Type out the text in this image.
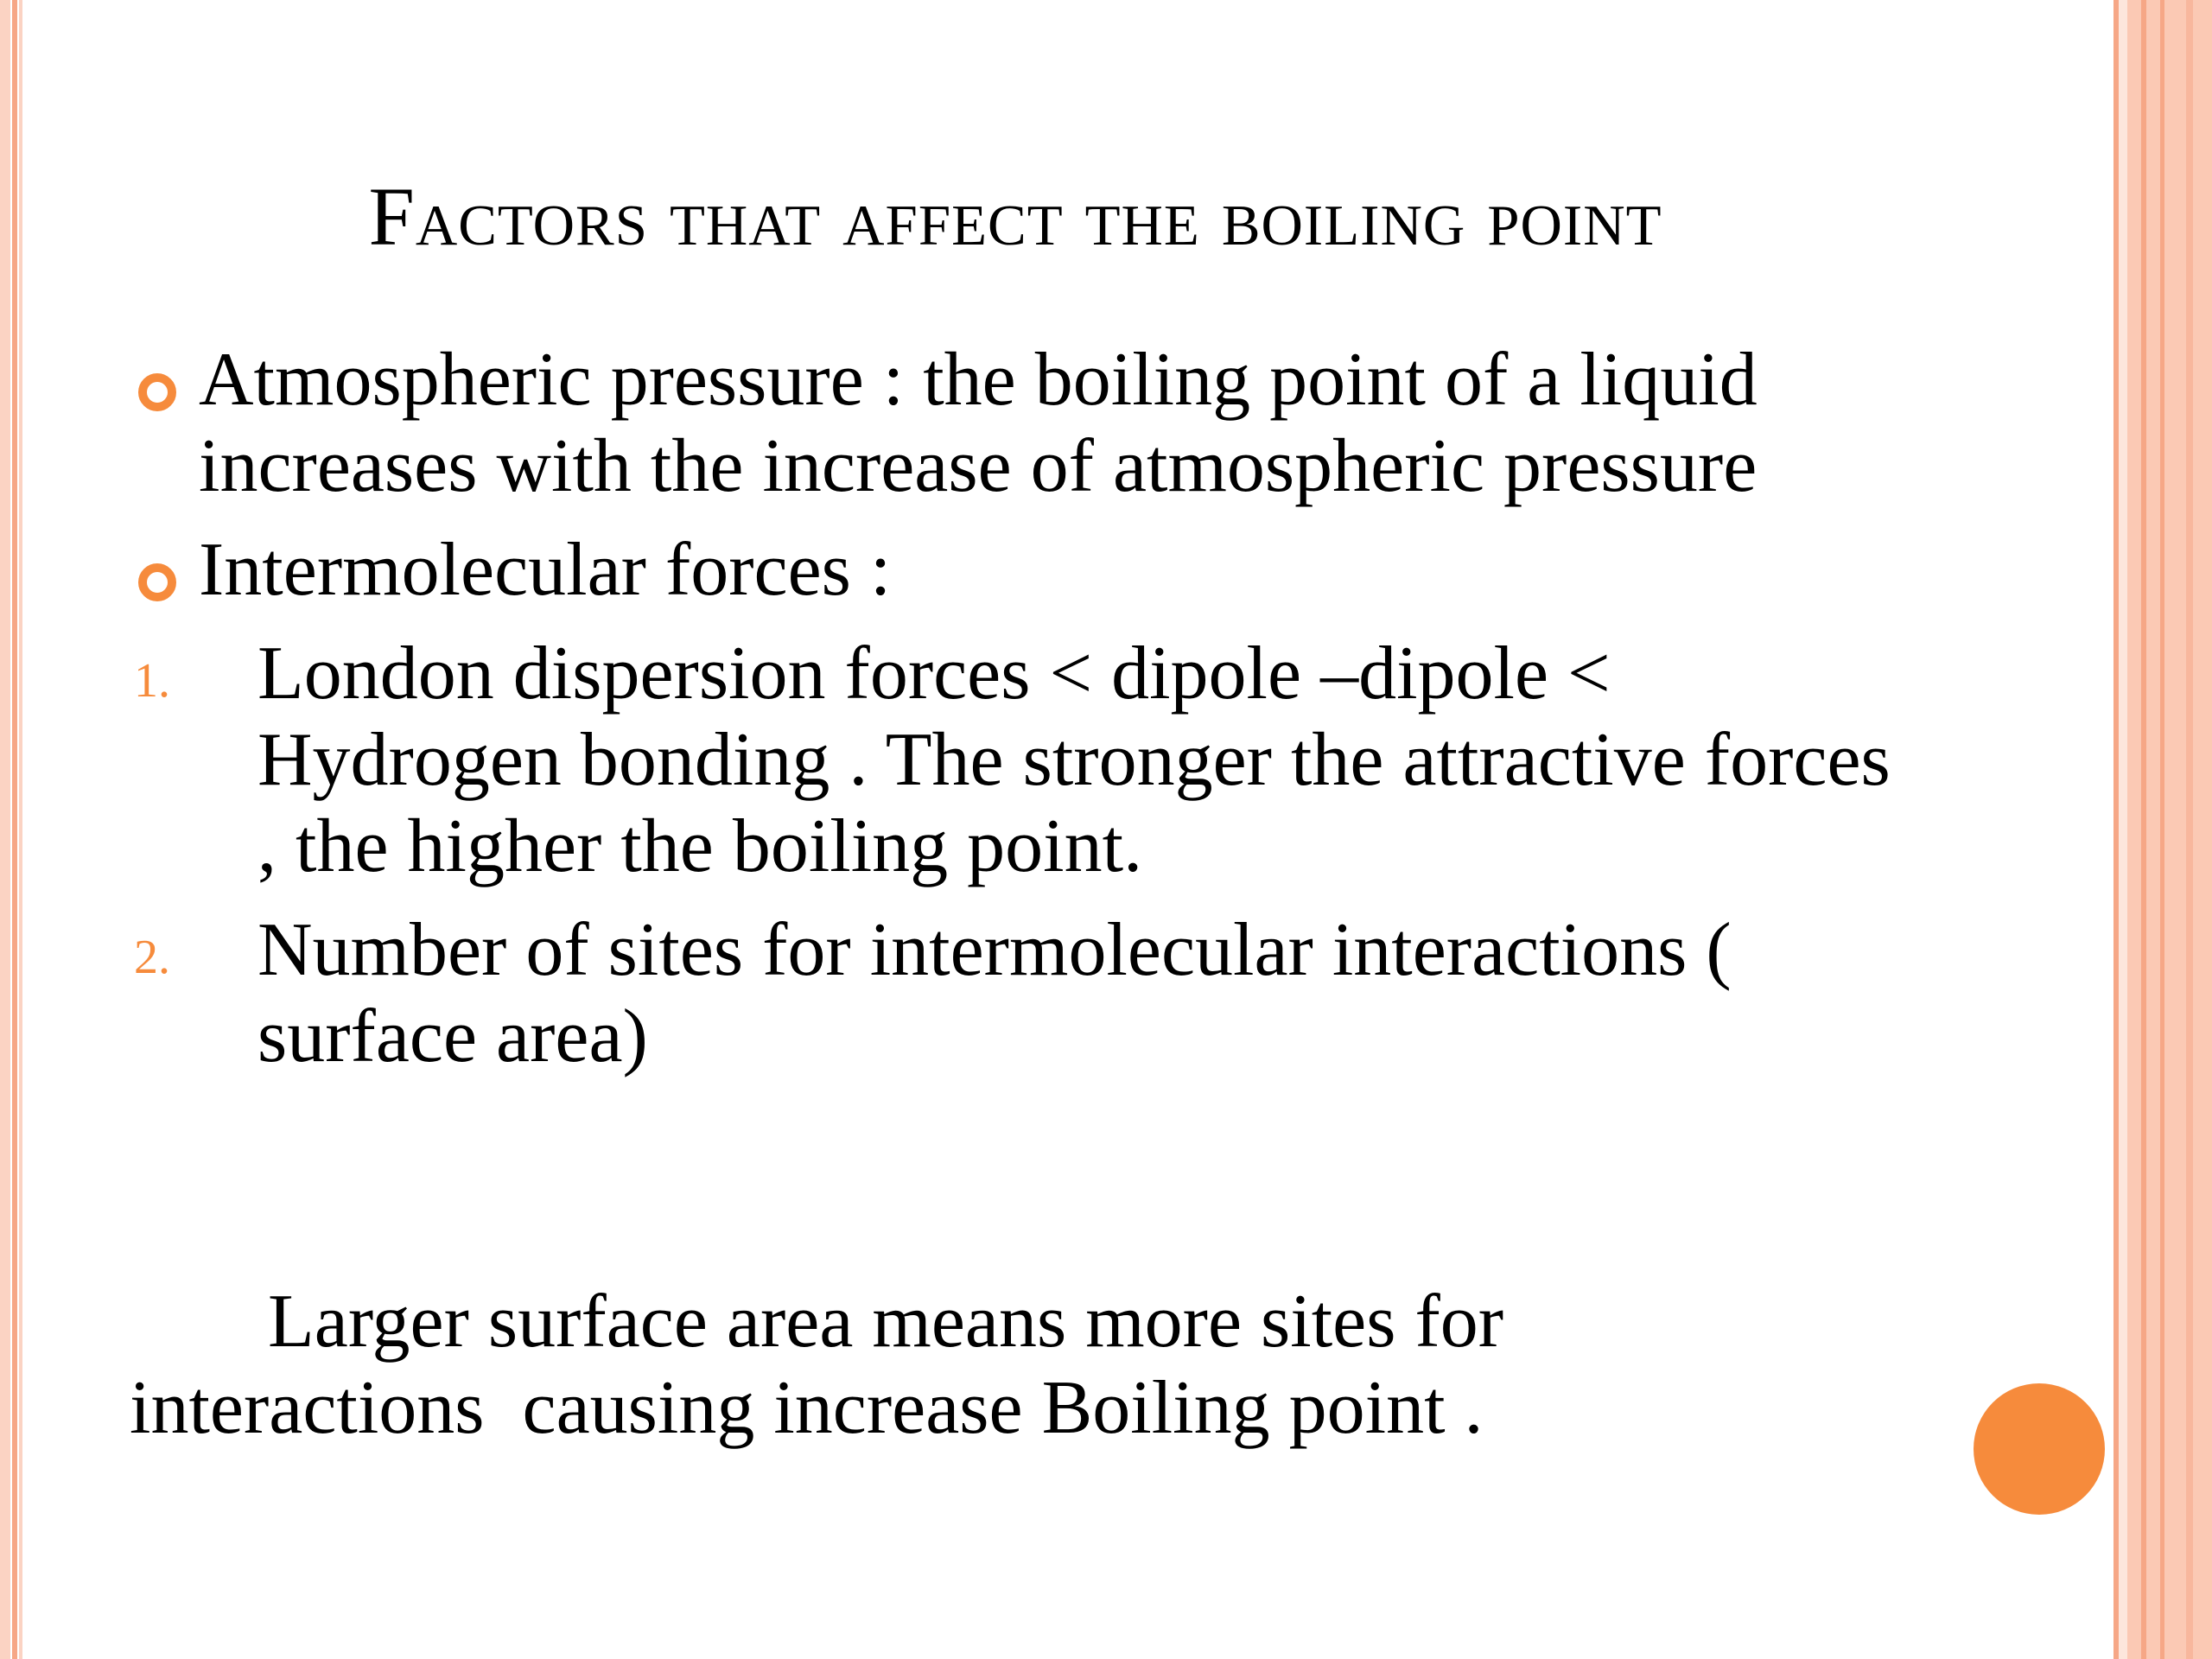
Factors that affect the boiling point
Atmospheric pressure : the boiling point of a liquid increases with the increase of atmospheric pressure
Intermolecular forces :
1. London dispersion forces < dipole –dipole < Hydrogen bonding . The stronger the attractive forces , the higher the boiling point.
2. Number of sites for intermolecular interactions ( surface area)
Larger surface area means more sites for
interactions  causing increase Boiling point .
